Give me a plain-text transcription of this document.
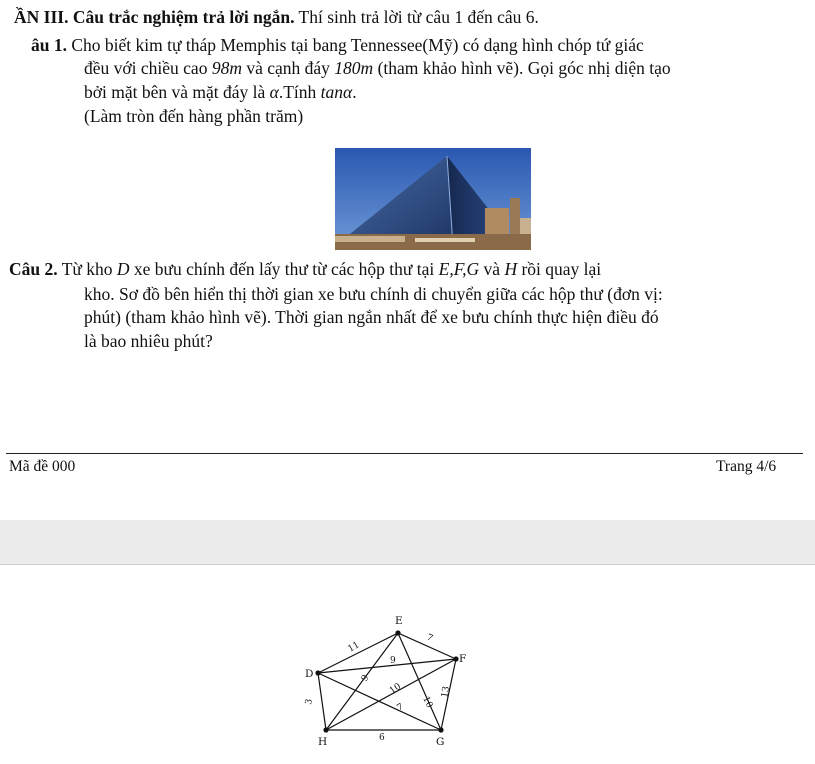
ẦN III. Câu trắc nghiệm trả lời ngắn. Thí sinh trả lời từ câu 1 đến câu 6.
âu 1. Cho biết kim tự tháp Memphis tại bang Tennessee(Mỹ) có dạng hình chóp tứ giác
đều với chiều cao 98m và cạnh đáy 180m (tham khảo hình vẽ). Gọi góc nhị diện tạo
bởi mặt bên và mặt đáy là α.Tính tanα.
(Làm tròn đến hàng phần trăm)
Câu 2. Từ kho D xe bưu chính đến lấy thư từ các hộp thư tại E,F,G và H rồi quay lại
kho. Sơ đồ bên hiển thị thời gian xe bưu chính di chuyển giữa các hộp thư (đơn vị:
phút) (tham khảo hình vẽ). Thời gian ngắn nhất để xe bưu chính thực hiện điều đó
là bao nhiêu phút?
Mã đề 000	Trang 4/6
E
F
D
H	G
11
7
9
9
10
10
7
13
3
6
